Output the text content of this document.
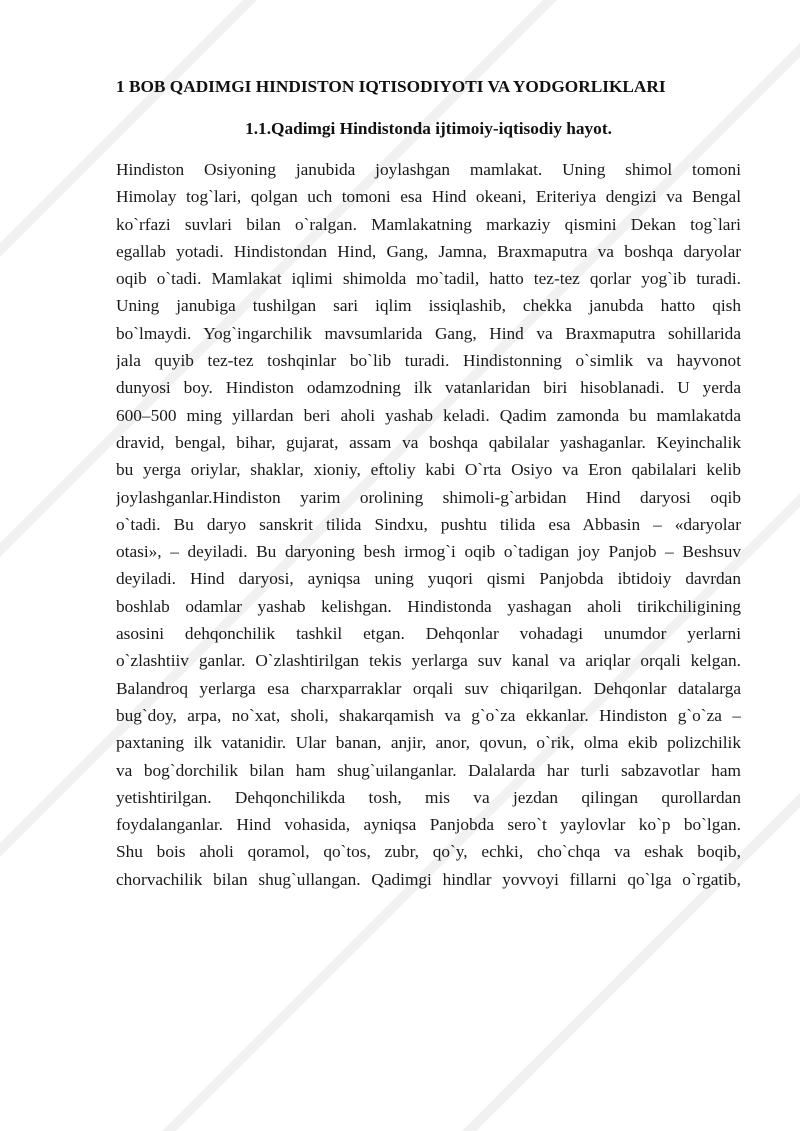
1 BOB QADIMGI HINDISTON IQTISODIYOTI VA YODGORLIKLARI
1.1.Qadimgi Hindistonda ijtimoiy-iqtisodiy hayot.
Hindiston Osiyoning janubida joylashgan mamlakat. Uning shimol tomoni
Himolay tog`lari, qolgan uch tomoni esa Hind okeani, Eriteriya dengizi va Bengal
ko`rfazi suvlari bilan o`ralgan. Mamlakatning markaziy qismini Dekan tog`lari
egallab yotadi. Hindistondan Hind, Gang, Jamna, Braxmaputra va boshqa daryolar
oqib o`tadi. Mamlakat iqlimi shimolda mo`tadil, hatto tez-tez qorlar yog`ib turadi.
Uning janubiga tushilgan sari iqlim issiqlashib, chekka janubda hatto qish
bo`lmaydi. Yog`ingarchilik mavsumlarida Gang, Hind va Braxmaputra sohillarida
jala quyib tez-tez toshqinlar bo`lib turadi. Hindistonning o`simlik va hayvonot
dunyosi boy. Hindiston odamzodning ilk vatanlaridan biri hisoblanadi. U yerda
600–500 ming yillardan beri aholi yashab keladi. Qadim zamonda bu mamlakatda
dravid, bengal, bihar, gujarat, assam va boshqa qabilalar yashaganlar. Keyinchalik
bu yerga oriylar, shaklar, xioniy, eftoliy kabi O`rta Osiyo va Eron qabilalari kelib
joylashganlar.Hindiston yarim orolining shimoli-g`arbidan Hind daryosi oqib
o`tadi. Bu daryo sanskrit tilida Sindxu, pushtu tilida esa Abbasin – «daryolar
otasi», – deyiladi. Bu daryoning besh irmog`i oqib o`tadigan joy Panjob – Beshsuv
deyiladi. Hind daryosi, ayniqsa uning yuqori qismi Panjobda ibtidoiy davrdan
boshlab odamlar yashab kelishgan. Hindistonda yashagan aholi tirikchiligining
asosini dehqonchilik tashkil etgan. Dehqonlar vohadagi unumdor yerlarni
o`zlashtiiv ganlar. O`zlashtirilgan tekis yerlarga suv kanal va ariqlar orqali kelgan.
Balandroq yerlarga esa charxparraklar orqali suv chiqarilgan. Dehqonlar datalarga
bug`doy, arpa, no`xat, sholi, shakarqamish va g`o`za ekkanlar. Hindiston g`o`za –
paxtaning ilk vatanidir. Ular banan, anjir, anor, qovun, o`rik, olma ekib polizchilik
va bog`dorchilik bilan ham shug`uilanganlar. Dalalarda har turli sabzavotlar ham
yetishtirilgan. Dehqonchilikda tosh, mis va jezdan qilingan qurollardan
foydalanganlar. Hind vohasida, ayniqsa Panjobda sero`t yaylovlar ko`p bo`lgan.
Shu bois aholi qoramol, qo`tos, zubr, qo`y, echki, cho`chqa va eshak boqib,
chorvachilik bilan shug`ullangan. Qadimgi hindlar yovvoyi fillarni qo`lga o`rgatib,
